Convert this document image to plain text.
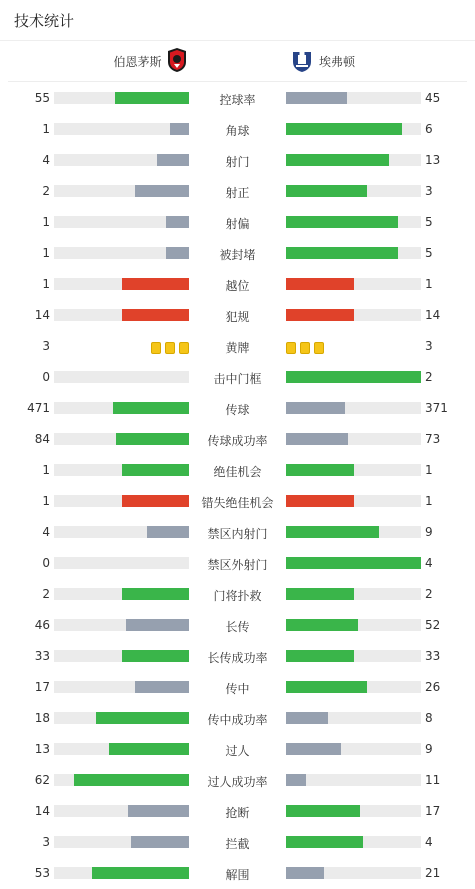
技术统计
伯恩茅斯	埃弗顿
55	控球率	45
1	角球	6
4	射门	13
2	射正	3
1	射偏	5
1	被封堵	5
1	越位	1
14	犯规	14
3	黄牌	3
0	击中门框	2
471	传球	371
84	传球成功率	73
1	绝佳机会	1
1	错失绝佳机会	1
4	禁区内射门	9
0	禁区外射门	4
2	门将扑救	2
46	长传	52
33	长传成功率	33
17	传中	26
18	传中成功率	8
13	过人	9
62	过人成功率	11
14	抢断	17
3	拦截	4
53	解围	21
